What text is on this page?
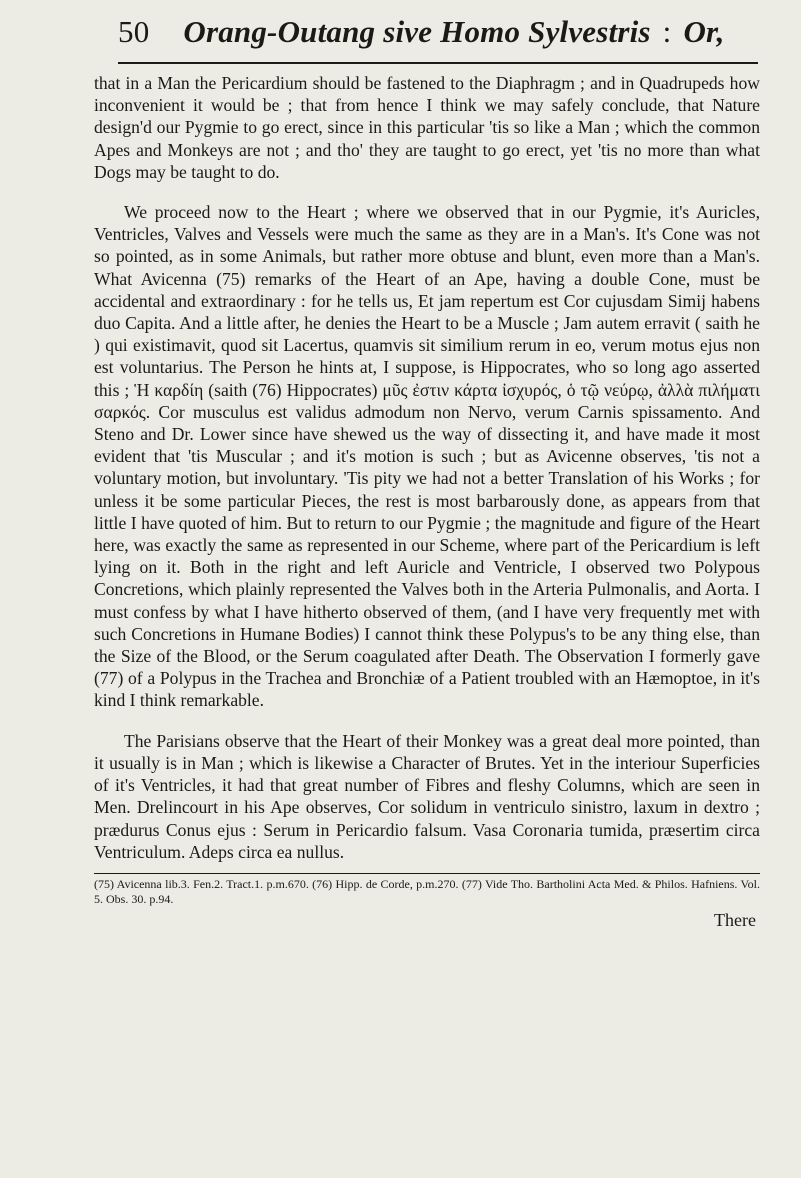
50 Orang-Outang sive Homo Sylvestris : Or,

that in a Man the Pericardium should be fastened to the Diaphragm ; and in Quadrupeds how inconvenient it would be ; that from hence I think we may safely conclude, that Nature design'd our Pygmie to go erect, since in this particular 'tis so like a Man ; which the common Apes and Monkeys are not ; and tho' they are taught to go erect, yet 'tis no more than what Dogs may be taught to do.

We proceed now to the Heart ; where we observed that in our Pygmie, it's Auricles, Ventricles, Valves and Vessels were much the same as they are in a Man's. It's Cone was not so pointed, as in some Animals, but rather more obtuse and blunt, even more than a Man's. What Avicenna (75) remarks of the Heart of an Ape, having a double Cone, must be accidental and extraordinary : for he tells us, Et jam repertum est Cor cujusdam Simij habens duo Capita. And a little after, he denies the Heart to be a Muscle ; Jam autem erravit ( saith he ) qui existimavit, quod sit Lacertus, quamvis sit similium rerum in eo, verum motus ejus non est voluntarius. The Person he hints at, I suppose, is Hippocrates, who so long ago asserted this ; Ἡ καρδίη (saith (76) Hippocrates) μῦς ἐστιν κάρτα ἰσχυρός, ὁ τῷ νεύρῳ, ἀλλὰ πιλήματι σαρκός. Cor musculus est validus admodum non Nervo, verum Carnis spissamento. And Steno and Dr. Lower since have shewed us the way of dissecting it, and have made it most evident that 'tis Muscular ; and it's motion is such ; but as Avicenne observes, 'tis not a voluntary motion, but involuntary. 'Tis pity we had not a better Translation of his Works ; for unless it be some particular Pieces, the rest is most barbarously done, as appears from that little I have quoted of him. But to return to our Pygmie ; the magnitude and figure of the Heart here, was exactly the same as represented in our Scheme, where part of the Pericardium is left lying on it. Both in the right and left Auricle and Ventricle, I observed two Polypous Concretions, which plainly represented the Valves both in the Arteria Pulmonalis, and Aorta. I must confess by what I have hitherto observed of them, (and I have very frequently met with such Concretions in Humane Bodies) I cannot think these Polypus's to be any thing else, than the Size of the Blood, or the Serum coagulated after Death. The Observation I formerly gave (77) of a Polypus in the Trachea and Bronchiæ of a Patient troubled with an Hæmoptoe, in it's kind I think remarkable.

The Parisians observe that the Heart of their Monkey was a great deal more pointed, than it usually is in Man ; which is likewise a Character of Brutes. Yet in the interiour Superficies of it's Ventricles, it had that great number of Fibres and fleshy Columns, which are seen in Men. Drelincourt in his Ape observes, Cor solidum in ventriculo sinistro, laxum in dextro ; prædurus Conus ejus : Serum in Pericardio falsum. Vasa Coronaria tumida, præsertim circa Ventriculum. Adeps circa ea nullus.

(75) Avicenna lib.3. Fen.2. Tract.1. p.m.670. (76) Hipp. de Corde, p.m.270. (77) Vide Tho. Bartholini Acta Med. & Philos. Hafniens. Vol. 5. Obs. 30. p.94.
There
